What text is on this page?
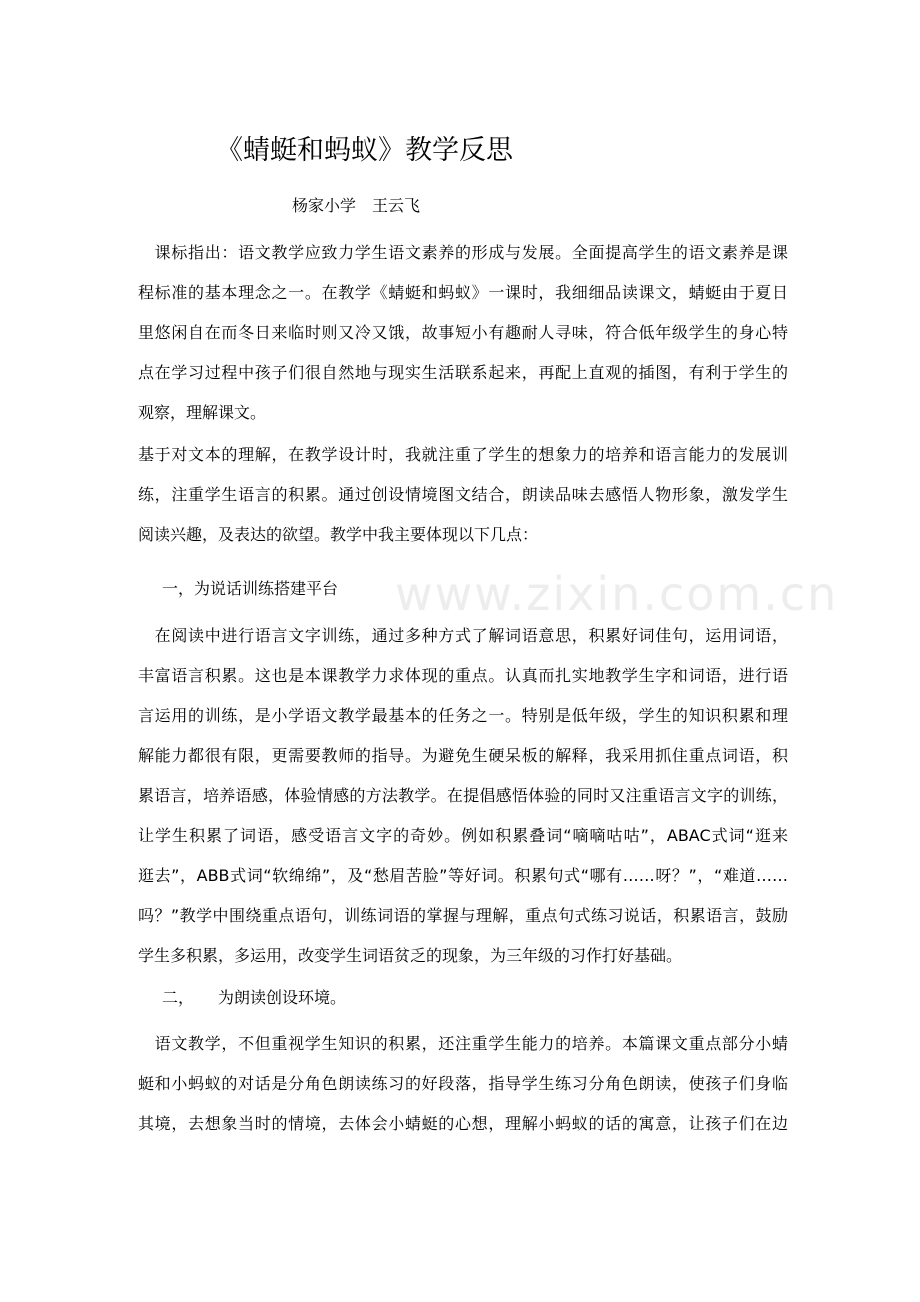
www.zixin.com.cn
《蜻蜓和蚂蚁》教学反思
杨家小学　王云飞
　课标指出：语文教学应致力学生语文素养的形成与发展。全面提高学生的语文素养是课
程标准的基本理念之一。在教学《蜻蜓和蚂蚁》一课时，我细细品读课文，蜻蜓由于夏日
里悠闲自在而冬日来临时则又冷又饿，故事短小有趣耐人寻味，符合低年级学生的身心特
点在学习过程中孩子们很自然地与现实生活联系起来，再配上直观的插图，有利于学生的
观察，理解课文。
基于对文本的理解，在教学设计时，我就注重了学生的想象力的培养和语言能力的发展训
练，注重学生语言的积累。通过创设情境图文结合，朗读品味去感悟人物形象，激发学生
阅读兴趣，及表达的欲望。教学中我主要体现以下几点：
一，为说话训练搭建平台
　在阅读中进行语言文字训练，通过多种方式了解词语意思，积累好词佳句，运用词语，
丰富语言积累。这也是本课教学力求体现的重点。认真而扎实地教学生字和词语，进行语
言运用的训练，是小学语文教学最基本的任务之一。特别是低年级，学生的知识积累和理
解能力都很有限，更需要教师的指导。为避免生硬呆板的解释，我采用抓住重点词语，积
累语言，培养语感，体验情感的方法教学。在提倡感悟体验的同时又注重语言文字的训练，
让学生积累了词语，感受语言文字的奇妙。例如积累叠词“嘀嘀咕咕”，ABAC式词“逛来
逛去”，ABB式词“软绵绵”，及“愁眉苦脸”等好词。积累句式“哪有……呀？”，“难道……
吗？”教学中围绕重点语句，训练词语的掌握与理解，重点句式练习说话，积累语言，鼓励
学生多积累，多运用，改变学生词语贫乏的现象，为三年级的习作打好基础。
二，　　为朗读创设环境。
　语文教学，不但重视学生知识的积累，还注重学生能力的培养。本篇课文重点部分小蜻
蜓和小蚂蚁的对话是分角色朗读练习的好段落，指导学生练习分角色朗读，使孩子们身临
其境，去想象当时的情境，去体会小蜻蜓的心想，理解小蚂蚁的话的寓意，让孩子们在边
